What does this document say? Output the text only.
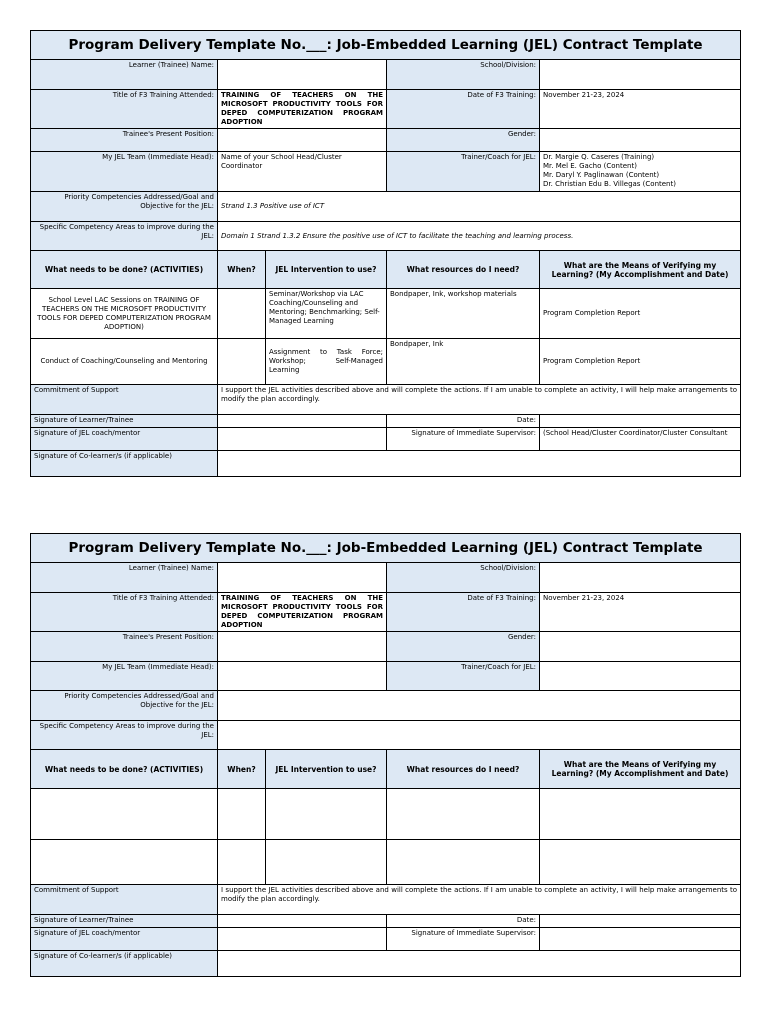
Program Delivery Template No.___: Job-Embedded Learning (JEL) Contract Template				
Learner (Trainee) Name:			School/Division:	
Title of F3 Training Attended:	TRAINING OF TEACHERS ON THE MICROSOFT PRODUCTIVITY TOOLS FOR DEPED COMPUTERIZATION PROGRAM ADOPTION		Date of F3 Training:	November 21-23, 2024
Trainee's Present Position:			Gender:	
My JEL Team (Immediate Head):	Name of your School Head/Cluster Coordinator		Trainer/Coach for JEL:	Dr. Margie Q. Caseres (Training)
Mr. Mel E. Gacho (Content)
Mr. Daryl Y. Paglinawan (Content)
Dr. Christian Edu B. Villegas (Content)

Priority Competencies Addressed/Goal and Objective for the JEL:	Strand 1.3 Positive use of ICT			
Specific Competency Areas to improve during the JEL:	Domain 1 Strand 1.3.2 Ensure the positive use of ICT to facilitate the teaching and learning process.			
What needs to be done? (ACTIVITIES)	When?	JEL Intervention to use?	What resources do I need?	What are the Means of Verifying my Learning? (My Accomplishment and Date)
School Level LAC Sessions on TRAINING OF TEACHERS ON THE MICROSOFT PRODUCTIVITY TOOLS FOR DEPED COMPUTERIZATION PROGRAM ADOPTION)		Seminar/Workshop via LAC Coaching/Counseling and Mentoring; Benchmarking; Self-Managed Learning	Bondpaper, Ink, workshop materials	Program Completion Report
Conduct of Coaching/Counseling and Mentoring		Assignment to Task Force; Workshop; Self-Managed Learning	Bondpaper, Ink	Program Completion Report
Commitment of Support	I support the JEL activities described above and will complete the actions. If I am unable to complete an activity, I will help make arrangements to modify the plan accordingly.			
Signature of Learner/Trainee			Date:	
Signature of JEL coach/mentor			Signature of Immediate Supervisor:	(School Head/Cluster Coordinator/Cluster Consultant
Signature of Co-learner/s (if applicable)				
Program Delivery Template No.___: Job-Embedded Learning (JEL) Contract Template				
Learner (Trainee) Name:			School/Division:	
Title of F3 Training Attended:	TRAINING OF TEACHERS ON THE MICROSOFT PRODUCTIVITY TOOLS FOR DEPED COMPUTERIZATION PROGRAM ADOPTION		Date of F3 Training:	November 21-23, 2024
Trainee's Present Position:			Gender:	
My JEL Team (Immediate Head):			Trainer/Coach for JEL:	
Priority Competencies Addressed/Goal and Objective for the JEL:				
Specific Competency Areas to improve during the JEL:				
What needs to be done? (ACTIVITIES)	When?	JEL Intervention to use?	What resources do I need?	What are the Means of Verifying my Learning? (My Accomplishment and Date)

Commitment of Support	I support the JEL activities described above and will complete the actions. If I am unable to complete an activity, I will help make arrangements to modify the plan accordingly.			
Signature of Learner/Trainee			Date:	
Signature of JEL coach/mentor			Signature of Immediate Supervisor:	
Signature of Co-learner/s (if applicable)				
